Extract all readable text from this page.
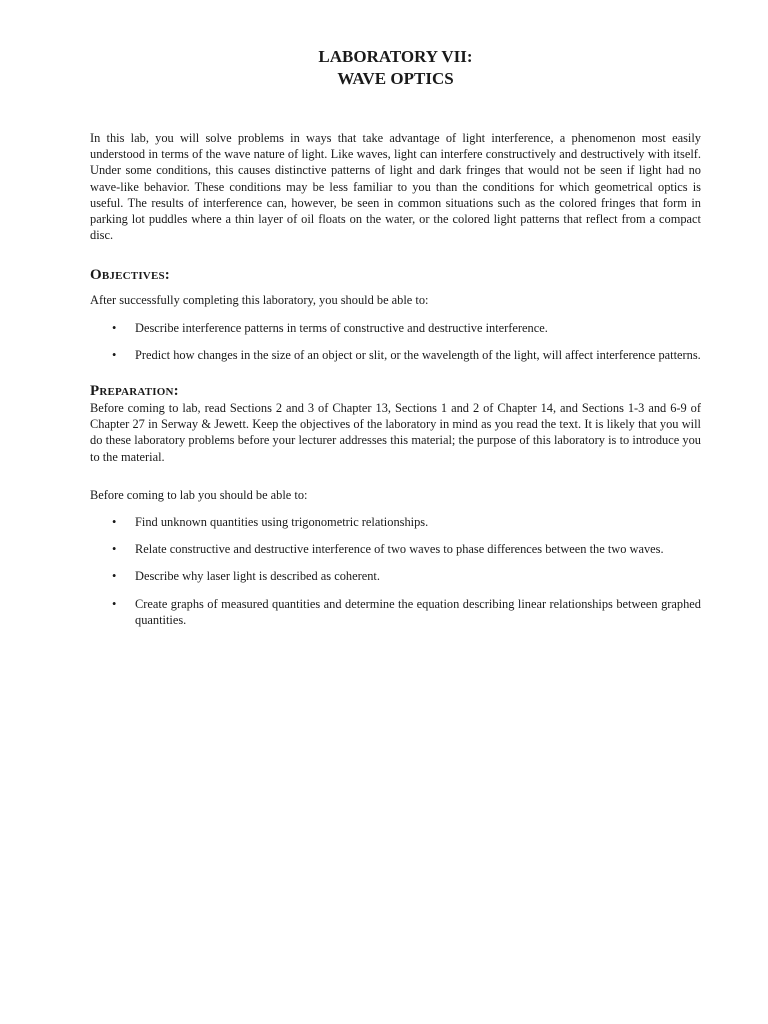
LABORATORY VII:
WAVE OPTICS

In this lab, you will solve problems in ways that take advantage of light interference, a phenomenon most easily understood in terms of the wave nature of light. Like waves, light can interfere constructively and destructively with itself. Under some conditions, this causes distinctive patterns of light and dark fringes that would not be seen if light had no wave-like behavior. These conditions may be less familiar to you than the conditions for which geometrical optics is useful. The results of interference can, however, be seen in common situations such as the colored fringes that form in parking lot puddles where a thin layer of oil floats on the water, or the colored light patterns that reflect from a compact disc.

Objectives:

After successfully completing this laboratory, you should be able to:

• Describe interference patterns in terms of constructive and destructive interference.
• Predict how changes in the size of an object or slit, or the wavelength of the light, will affect interference patterns.
Preparation:

Before coming to lab, read Sections 2 and 3 of Chapter 13, Sections 1 and 2 of Chapter 14, and Sections 1-3 and 6-9 of Chapter 27 in Serway & Jewett. Keep the objectives of the laboratory in mind as you read the text. It is likely that you will do these laboratory problems before your lecturer addresses this material; the purpose of this laboratory is to introduce you to the material.

Before coming to lab you should be able to:

• Find unknown quantities using trigonometric relationships.
• Relate constructive and destructive interference of two waves to phase differences between the two waves.
• Describe why laser light is described as coherent.
• Create graphs of measured quantities and determine the equation describing linear relationships between graphed quantities.
